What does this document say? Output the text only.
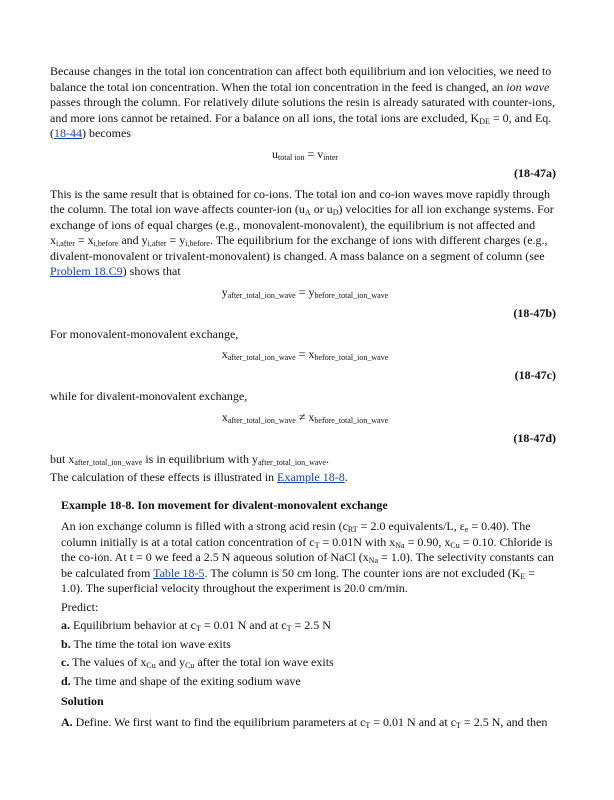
Because changes in the total ion concentration can affect both equilibrium and ion velocities, we need to balance the total ion concentration. When the total ion concentration in the feed is changed, an ion wave passes through the column. For relatively dilute solutions the resin is already saturated with counter-ions, and more ions cannot be retained. For a balance on all ions, the total ions are excluded, $K_{DE} = 0$, and Eq. (18-44) becomes

$u_{total ion} = v_{inter}$
(18-47a)

This is the same result that is obtained for co-ions. The total ion and co-ion waves move rapidly through the column. The total ion wave affects counter-ion ($u_A$ or $u_D$) velocities for all ion exchange systems. For exchange of ions of equal charges (e.g., monovalent-monovalent), the equilibrium is not affected and $x_{i,after} = x_{i,before}$ and $y_{i,after} = y_{i,before}$. The equilibrium for the exchange of ions with different charges (e.g., divalent-monovalent or trivalent-monovalent) is changed. A mass balance on a segment of column (see Problem 18.C9) shows that

$y_{after\_total\_ion\_wave} = y_{before\_total\_ion\_wave}$
(18-47b)

For monovalent-monovalent exchange,

$x_{after\_total\_ion\_wave} = x_{before\_total\_ion\_wave}$
(18-47c)

while for divalent-monovalent exchange,

$x_{after\_total\_ion\_wave} \ne x_{before\_total\_ion\_wave}$
(18-47d)

but $x_{after\_total\_ion\_wave}$ is in equilibrium with $y_{after\_total\_ion\_wave}$.

The calculation of these effects is illustrated in Example 18-8.

Example 18-8. Ion movement for divalent-monovalent exchange

An ion exchange column is filled with a strong acid resin ($c_{RT} = 2.0$ equivalents/L, $\varepsilon_e = 0.40$). The column initially is at a total cation concentration of $c_T = 0.01N$ with $x_{Na} = 0.90$, $x_{Cu} = 0.10$. Chloride is the co-ion. At t = 0 we feed a 2.5 N aqueous solution of NaCl $(x_{Na} = 1.0)$. The selectivity constants can be calculated from Table 18-5. The column is 50 cm long. The counter ions are not excluded $(K_E = 1.0)$. The superficial velocity throughout the experiment is 20.0 cm/min.

Predict:

a. Equilibrium behavior at $c_T = 0.01$ N and at $c_T = 2.5$ N

b. The time the total ion wave exits

c. The values of $x_{Cu}$ and $y_{Cu}$ after the total ion wave exits

d. The time and shape of the exiting sodium wave

Solution

A. Define. We first want to find the equilibrium parameters at $c_T = 0.01$ N and at $c_T = 2.5$ N, and then
